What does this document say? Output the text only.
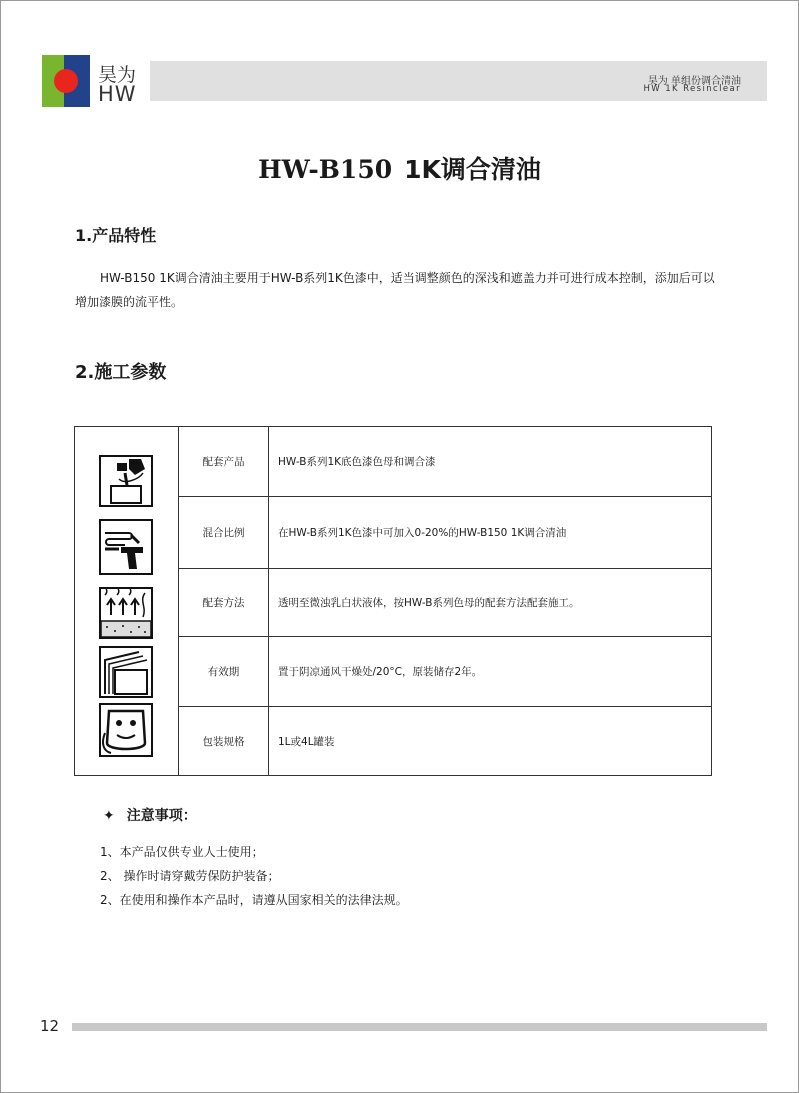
昊为
HW
昊为 单组份调合清油
HW 1K Resinclear
HW-B150 1K调合清油
1.产品特性
HW-B150 1K调合清油主要用于HW-B系列1K色漆中，适当调整颜色的深浅和遮盖力并可进行成本控制，添加后可以增加漆膜的流平性。
2.施工参数
配套产品	HW-B系列1K底色漆色母和调合漆
混合比例	在HW-B系列1K色漆中可加入0-20%的HW-B150 1K调合清油
配套方法	透明至微浊乳白状液体，按HW-B系列色母的配套方法配套施工。
有效期	置于阴凉通风干燥处/20°C，原装储存2年。
包装规格	1L或4L罐装
✦ 注意事项：
1、本产品仅供专业人士使用；
2、 操作时请穿戴劳保防护装备；
2、在使用和操作本产品时，请遵从国家相关的法律法规。
12
